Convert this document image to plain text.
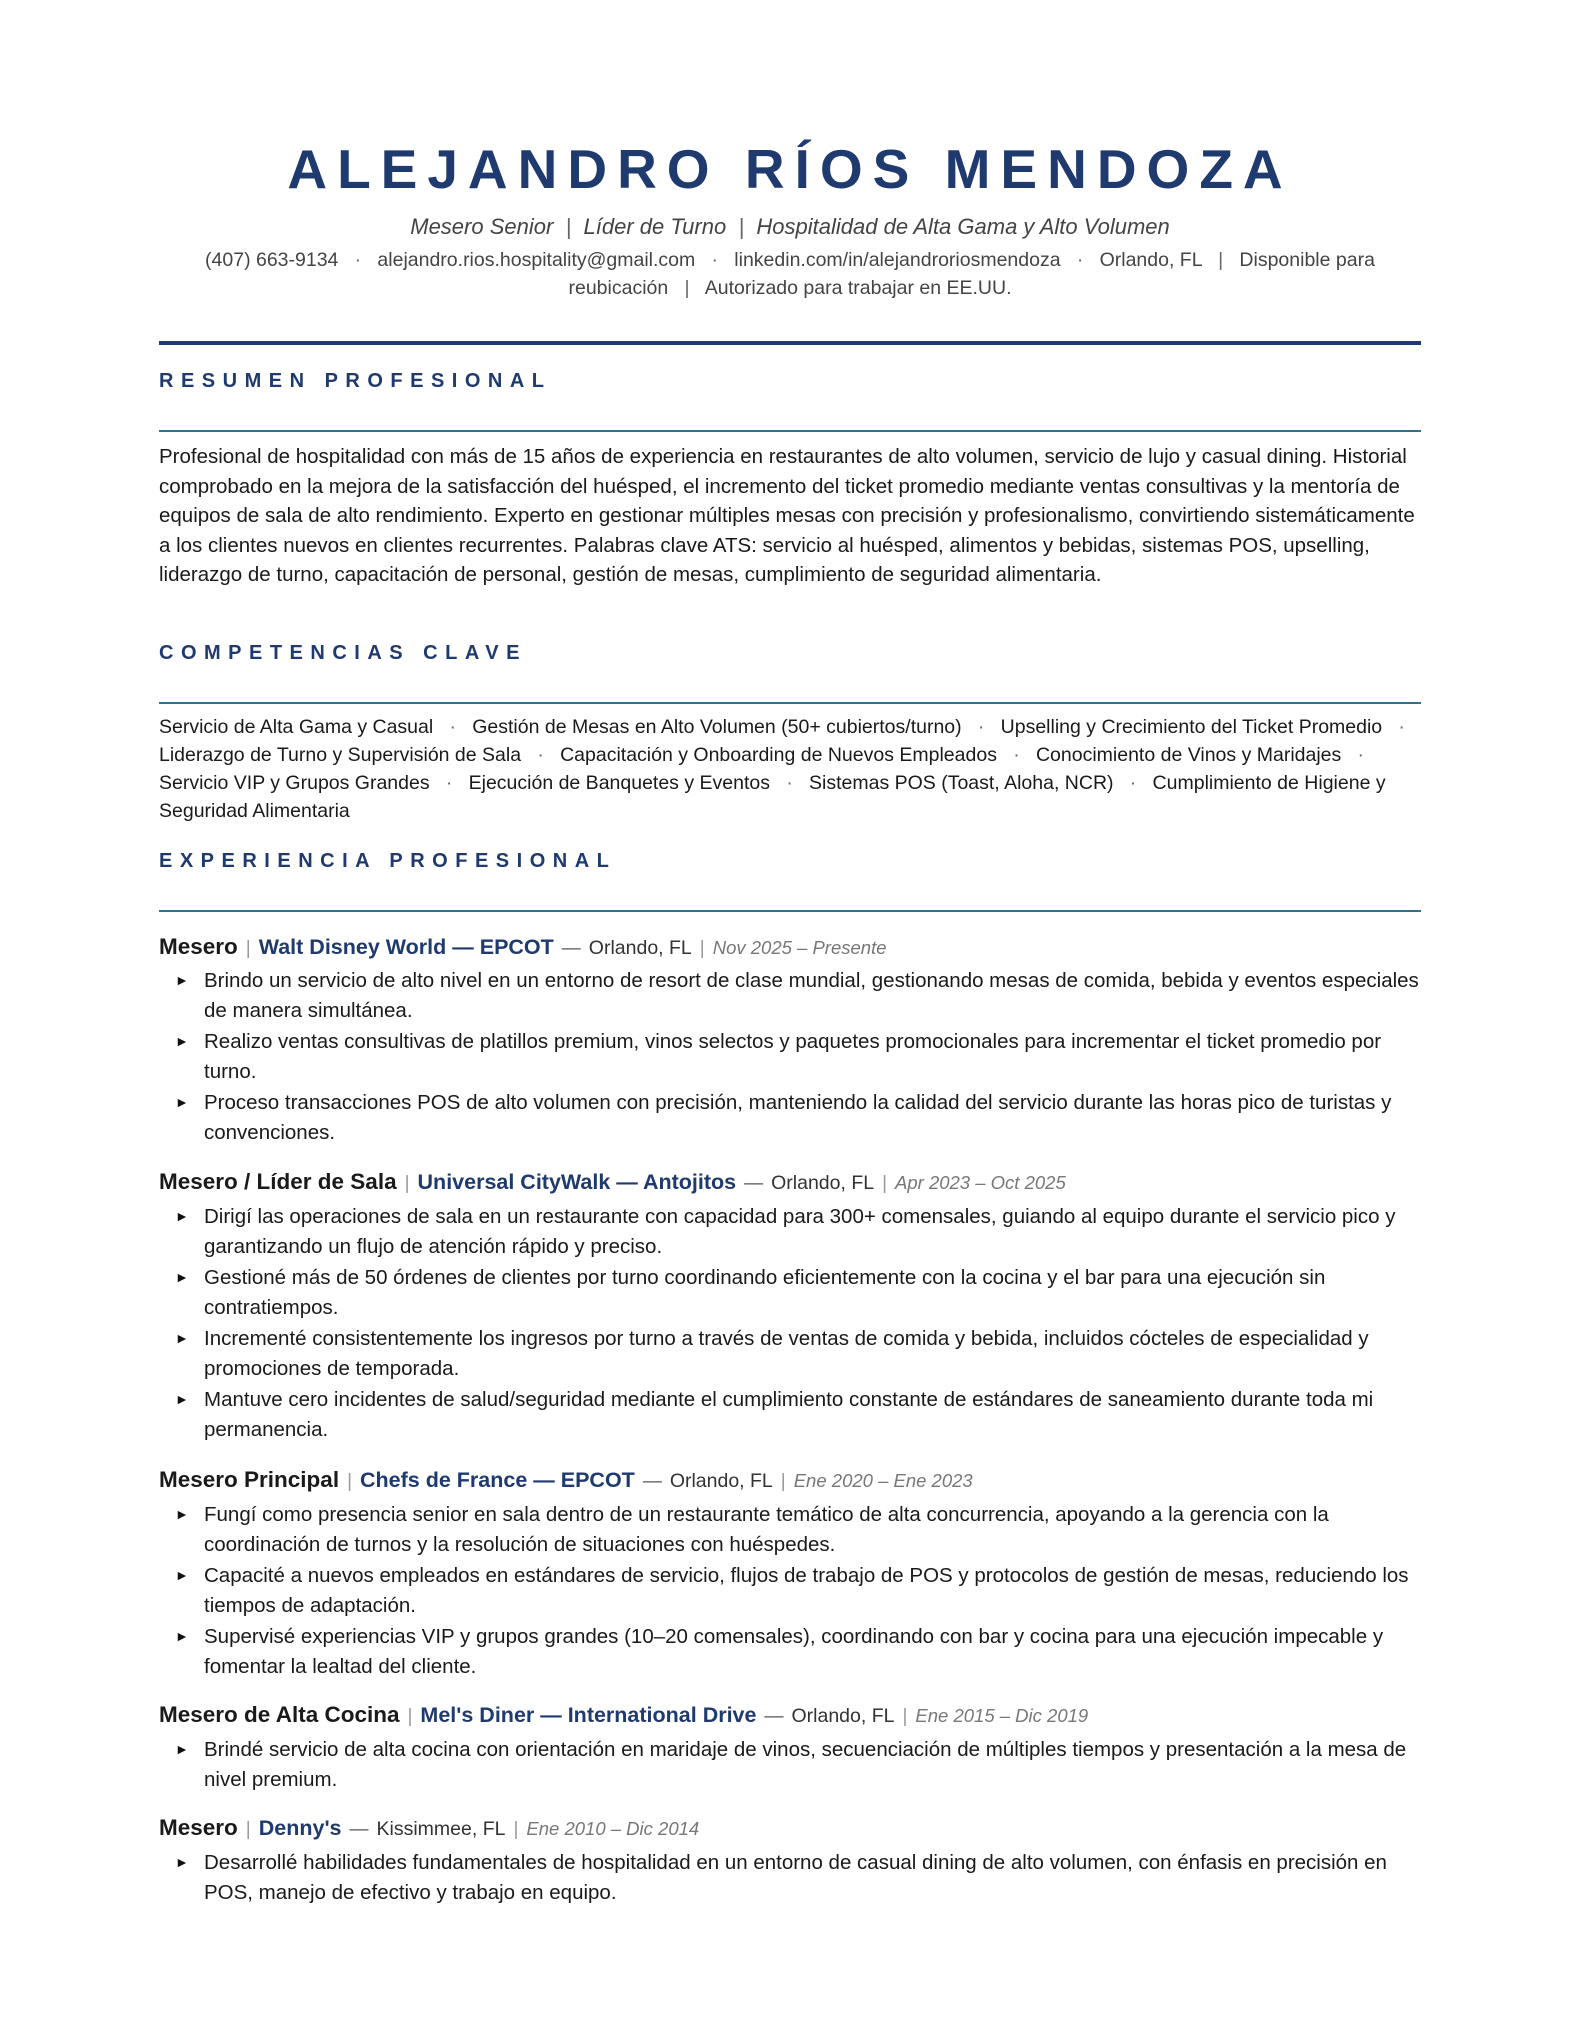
ALEJANDRO RÍOS MENDOZA
Mesero Senior  |  Líder de Turno  |  Hospitalidad de Alta Gama y Alto Volumen
(407) 663-9134   ·   alejandro.rios.hospitality@gmail.com   ·   linkedin.com/in/alejandroriosmendoza   ·   Orlando, FL   |   Disponible para reubicación   |   Autorizado para trabajar en EE.UU.
RESUMEN PROFESIONAL
Profesional de hospitalidad con más de 15 años de experiencia en restaurantes de alto volumen, servicio de lujo y casual dining. Historial comprobado en la mejora de la satisfacción del huésped, el incremento del ticket promedio mediante ventas consultivas y la mentoría de equipos de sala de alto rendimiento. Experto en gestionar múltiples mesas con precisión y profesionalismo, convirtiendo sistemáticamente a los clientes nuevos en clientes recurrentes. Palabras clave ATS: servicio al huésped, alimentos y bebidas, sistemas POS, upselling, liderazgo de turno, capacitación de personal, gestión de mesas, cumplimiento de seguridad alimentaria.
COMPETENCIAS CLAVE
Servicio de Alta Gama y Casual   ·   Gestión de Mesas en Alto Volumen (50+ cubiertos/turno)   ·   Upselling y Crecimiento del Ticket Promedio   ·   Liderazgo de Turno y Supervisión de Sala   ·   Capacitación y Onboarding de Nuevos Empleados   ·   Conocimiento de Vinos y Maridajes   ·   Servicio VIP y Grupos Grandes   ·   Ejecución de Banquetes y Eventos   ·   Sistemas POS (Toast, Aloha, NCR)   ·   Cumplimiento de Higiene y Seguridad Alimentaria
EXPERIENCIA PROFESIONAL
Mesero | Walt Disney World — EPCOT — Orlando, FL | Nov 2025 – Presente
► Brindo un servicio de alto nivel en un entorno de resort de clase mundial, gestionando mesas de comida, bebida y eventos especiales de manera simultánea.
► Realizo ventas consultivas de platillos premium, vinos selectos y paquetes promocionales para incrementar el ticket promedio por turno.
► Proceso transacciones POS de alto volumen con precisión, manteniendo la calidad del servicio durante las horas pico de turistas y convenciones.
Mesero / Líder de Sala | Universal CityWalk — Antojitos — Orlando, FL | Apr 2023 – Oct 2025
► Dirigí las operaciones de sala en un restaurante con capacidad para 300+ comensales, guiando al equipo durante el servicio pico y garantizando un flujo de atención rápido y preciso.
► Gestioné más de 50 órdenes de clientes por turno coordinando eficientemente con la cocina y el bar para una ejecución sin contratiempos.
► Incrementé consistentemente los ingresos por turno a través de ventas de comida y bebida, incluidos cócteles de especialidad y promociones de temporada.
► Mantuve cero incidentes de salud/seguridad mediante el cumplimiento constante de estándares de saneamiento durante toda mi permanencia.
Mesero Principal | Chefs de France — EPCOT — Orlando, FL | Ene 2020 – Ene 2023
► Fungí como presencia senior en sala dentro de un restaurante temático de alta concurrencia, apoyando a la gerencia con la coordinación de turnos y la resolución de situaciones con huéspedes.
► Capacité a nuevos empleados en estándares de servicio, flujos de trabajo de POS y protocolos de gestión de mesas, reduciendo los tiempos de adaptación.
► Supervisé experiencias VIP y grupos grandes (10–20 comensales), coordinando con bar y cocina para una ejecución impecable y fomentar la lealtad del cliente.
Mesero de Alta Cocina | Mel's Diner — International Drive — Orlando, FL | Ene 2015 – Dic 2019
► Brindé servicio de alta cocina con orientación en maridaje de vinos, secuenciación de múltiples tiempos y presentación a la mesa de nivel premium.
Mesero | Denny's — Kissimmee, FL | Ene 2010 – Dic 2014
► Desarrollé habilidades fundamentales de hospitalidad en un entorno de casual dining de alto volumen, con énfasis en precisión en POS, manejo de efectivo y trabajo en equipo.
